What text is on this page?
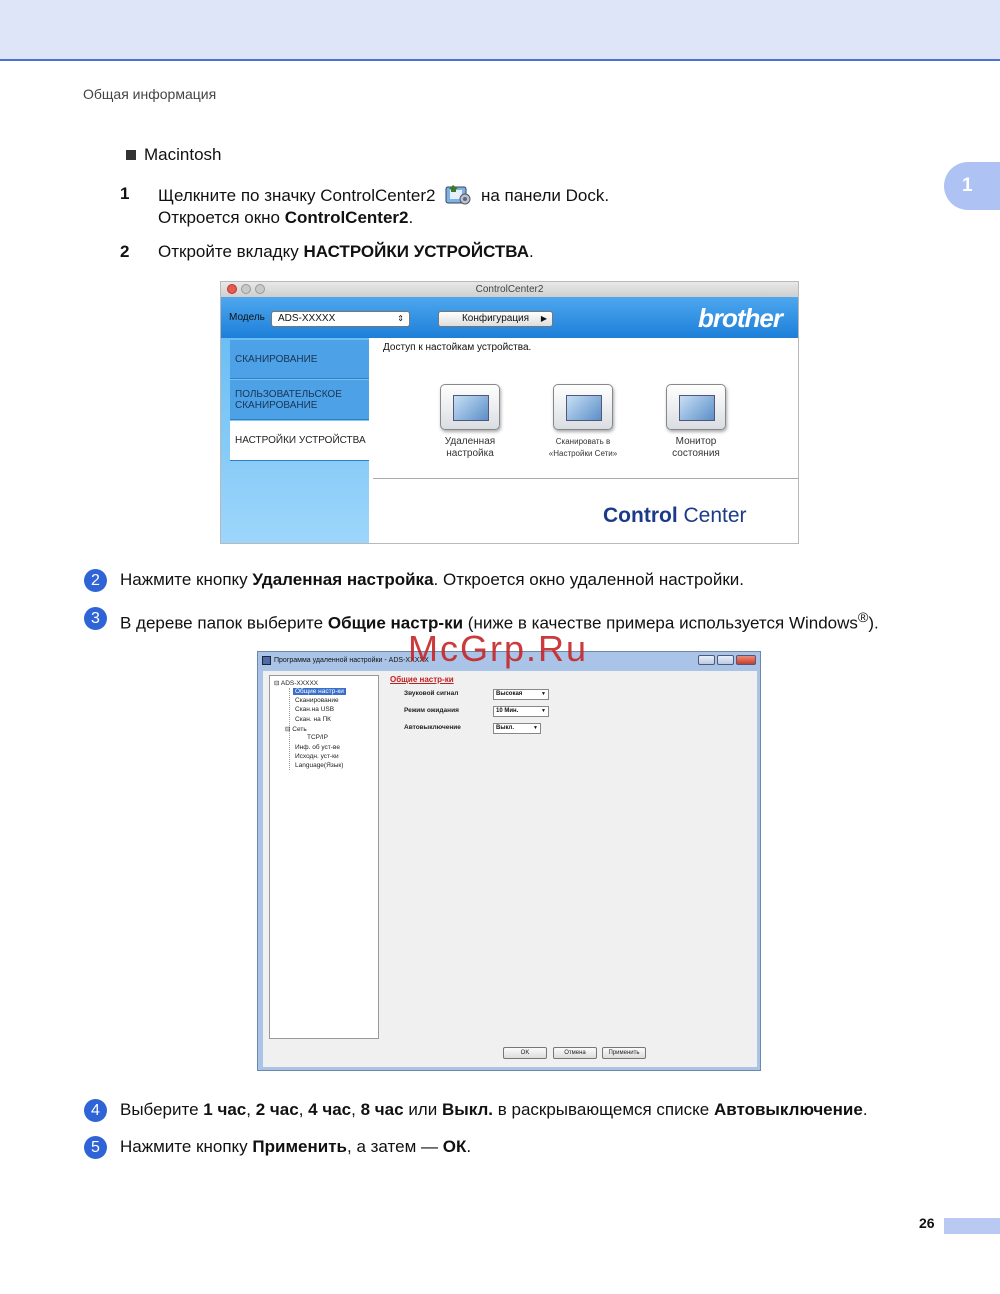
Общая информация
1
Macintosh
1 Щелкните по значку ControlCenter2	на панели Dock.
Откроется окно ControlCenter2.
2 Откройте вкладку НАСТРОЙКИ УСТРОЙСТВА.
ControlCenter2
Модель	ADS-XXXXX	⇕	Конфигурация ▶	brother
СКАНИРОВАНИЕ
ПОЛЬЗОВАТЕЛЬСКОЕ
СКАНИРОВАНИЕ
НАСТРОЙКИ УСТРОЙСТВА
Доступ к настойкам устройства.
Удаленная
настройка
Сканировать в
«Настройки Сети»
Монитор
состояния
Control Center
2	Нажмите кнопку Удаленная настройка. Откроется окно удаленной настройки.
3	В дереве папок выберите Общие настр-ки (ниже в качестве примера используется Windows®).
Программа удаленной настройки - ADS-XXXXX
⊟ ADS-XXXXX
Общие настр-ки
Сканирование
Скан.на USB
Скан. на ПК
⊟ Сеть
TCP/IP
Инф. об уст-ве
Исходн. уст-ки
Language(Язык)
Общие настр-ки
Звуковой сигнал	Высокая	▼
Режим ожидания	10 Мин.	▼
Автовыключение	Выкл.	▼
OK	Отмена	Применить
McGrp.Ru
4	Выберите 1 час, 2 час, 4 час, 8 час или Выкл. в раскрывающемся списке Автовыключение.
5	Нажмите кнопку Применить, а затем — ОК.
26
